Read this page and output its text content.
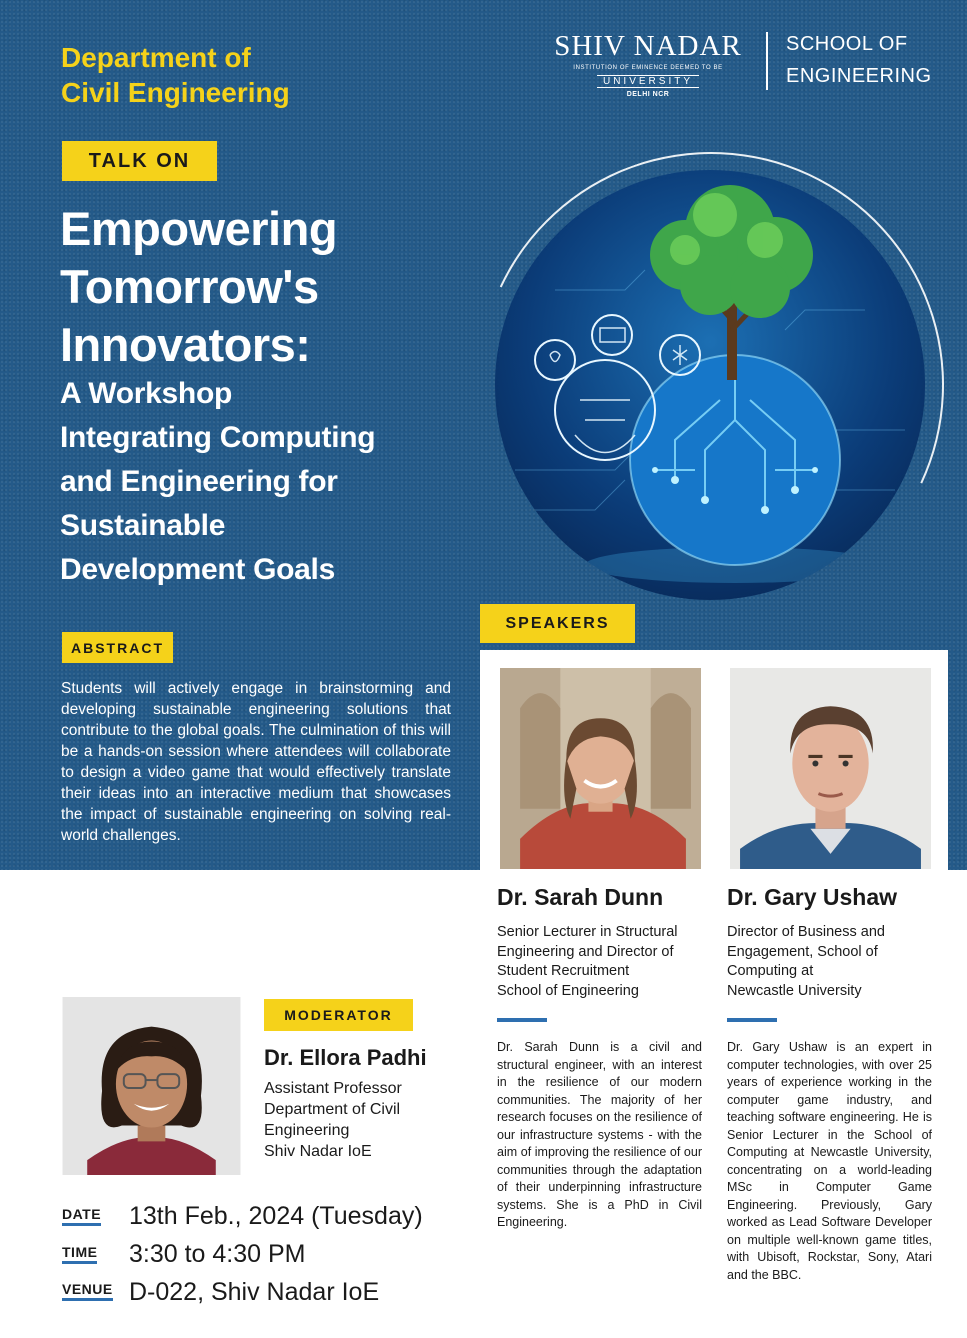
Department of
Civil Engineering
SHIV NADAR
INSTITUTION OF EMINENCE DEEMED TO BE
UNIVERSITY
DELHI NCR
SCHOOL OF
ENGINEERING
TALK ON
Empowering
Tomorrow's
Innovators:
A Workshop
Integrating Computing
and Engineering for
Sustainable
Development Goals
ABSTRACT
Students will actively engage in brainstorming and developing sustainable engineering solutions that contribute to the global goals. The culmination of this will be a hands-on session where attendees will collaborate to design a video game that would effectively translate their ideas into an interactive medium that showcases the impact of sustainable engineering on solving real-world challenges.
SPEAKERS
Dr. Sarah Dunn
Senior Lecturer in Structural
Engineering and Director of
Student Recruitment
School of Engineering
Dr. Sarah Dunn is a civil and structural engineer, with an interest in the resilience of our modern communities. The majority of her research focuses on the resilience of our infrastructure systems - with the aim of improving the resilience of our communities through the adaptation of their underpinning infrastructure systems. She is a PhD in Civil Engineering.
Dr. Gary Ushaw
Director of Business and
Engagement, School of
Computing at
Newcastle University
Dr. Gary Ushaw is an expert in computer technologies, with over 25 years of experience working in the computer game industry, and teaching software engineering. He is Senior Lecturer in the School of Computing at Newcastle University, concentrating on a world-leading MSc in Computer Game Engineering. Previously, Gary worked as Lead Software Developer on multiple well-known game titles, with Ubisoft, Rockstar, Sony, Atari and the BBC.
MODERATOR
Dr. Ellora Padhi
Assistant Professor
Department of Civil
Engineering
Shiv Nadar IoE
DATE 13th Feb., 2024 (Tuesday)
TIME 3:30 to 4:30 PM
VENUE D-022, Shiv Nadar IoE
